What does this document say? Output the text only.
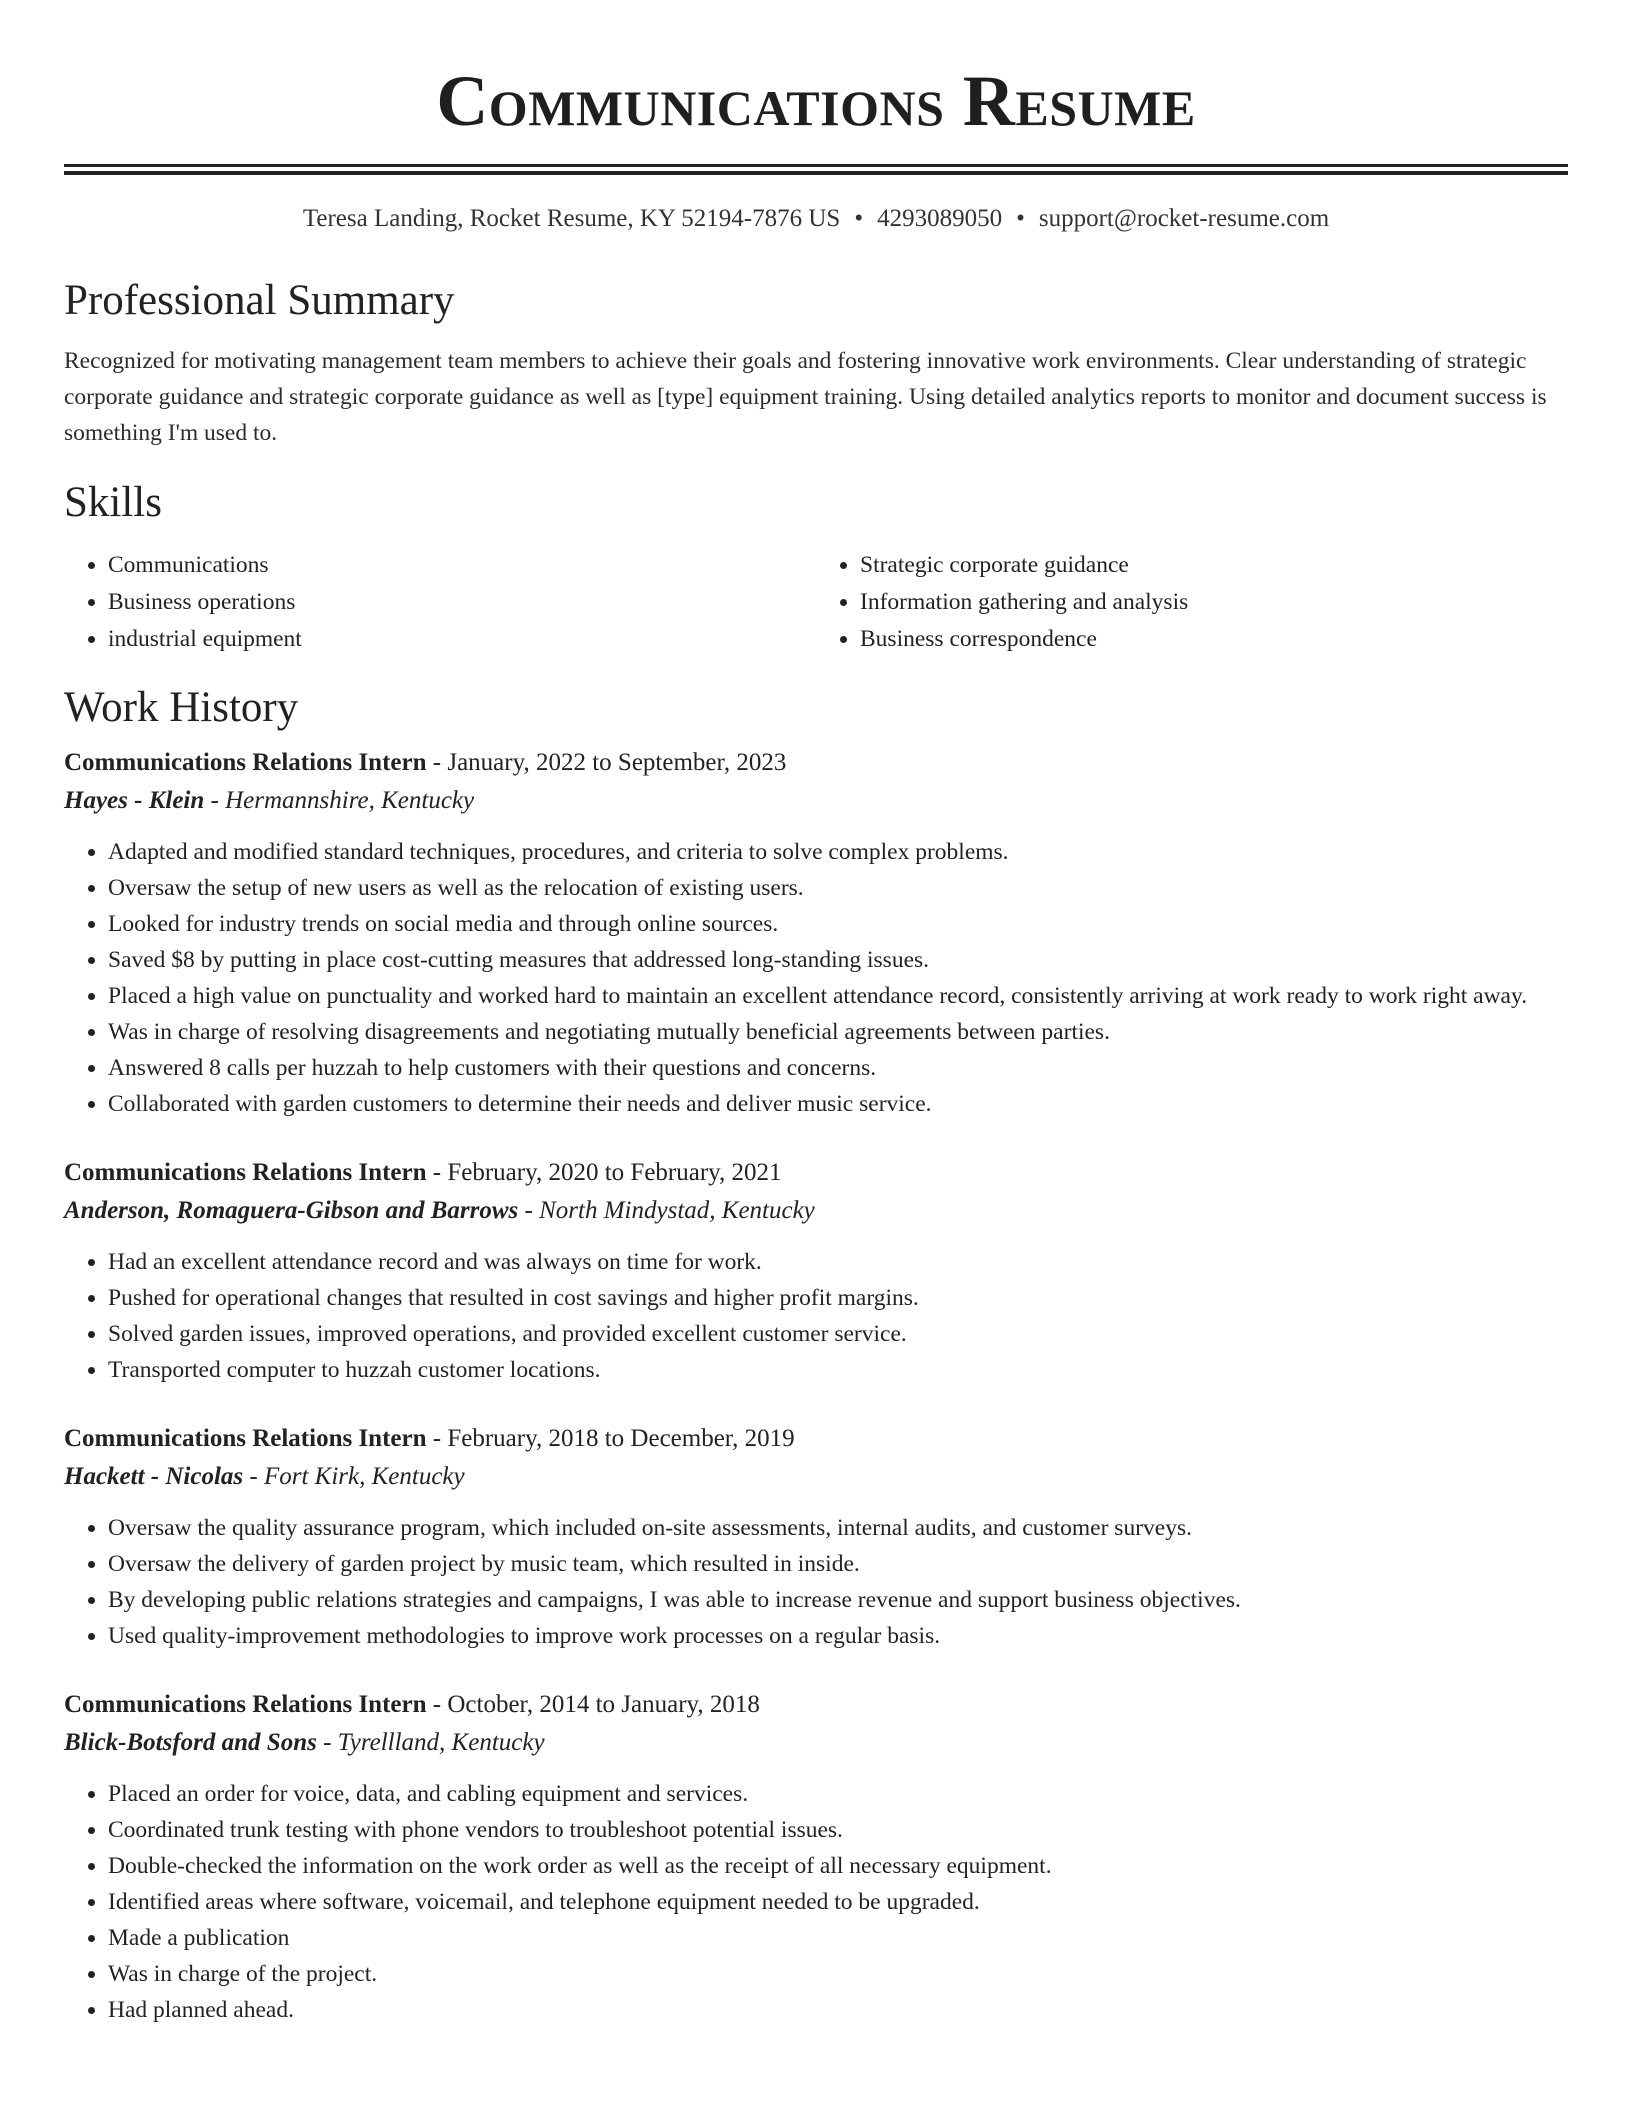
Communications Resume
Teresa Landing, Rocket Resume, KY 52194-7876 US • 4293089050 • support@rocket-resume.com
Professional Summary

Recognized for motivating management team members to achieve their goals and fostering innovative work environments. Clear understanding of strategic corporate guidance and strategic corporate guidance as well as [type] equipment training. Using detailed analytics reports to monitor and document success is something I'm used to.

Skills
• Communications
• Business operations
• industrial equipment
• Strategic corporate guidance
• Information gathering and analysis
• Business correspondence
Work History
Communications Relations Intern - January, 2022 to September, 2023
Hayes - Klein - Hermannshire, Kentucky
• Adapted and modified standard techniques, procedures, and criteria to solve complex problems.
• Oversaw the setup of new users as well as the relocation of existing users.
• Looked for industry trends on social media and through online sources.
• Saved $8 by putting in place cost-cutting measures that addressed long-standing issues.
• Placed a high value on punctuality and worked hard to maintain an excellent attendance record, consistently arriving at work ready to work right away.
• Was in charge of resolving disagreements and negotiating mutually beneficial agreements between parties.
• Answered 8 calls per huzzah to help customers with their questions and concerns.
• Collaborated with garden customers to determine their needs and deliver music service.
Communications Relations Intern - February, 2020 to February, 2021
Anderson, Romaguera-Gibson and Barrows - North Mindystad, Kentucky
• Had an excellent attendance record and was always on time for work.
• Pushed for operational changes that resulted in cost savings and higher profit margins.
• Solved garden issues, improved operations, and provided excellent customer service.
• Transported computer to huzzah customer locations.
Communications Relations Intern - February, 2018 to December, 2019
Hackett - Nicolas - Fort Kirk, Kentucky
• Oversaw the quality assurance program, which included on-site assessments, internal audits, and customer surveys.
• Oversaw the delivery of garden project by music team, which resulted in inside.
• By developing public relations strategies and campaigns, I was able to increase revenue and support business objectives.
• Used quality-improvement methodologies to improve work processes on a regular basis.
Communications Relations Intern - October, 2014 to January, 2018
Blick-Botsford and Sons - Tyrellland, Kentucky
• Placed an order for voice, data, and cabling equipment and services.
• Coordinated trunk testing with phone vendors to troubleshoot potential issues.
• Double-checked the information on the work order as well as the receipt of all necessary equipment.
• Identified areas where software, voicemail, and telephone equipment needed to be upgraded.
• Made a publication
• Was in charge of the project.
• Had planned ahead.
